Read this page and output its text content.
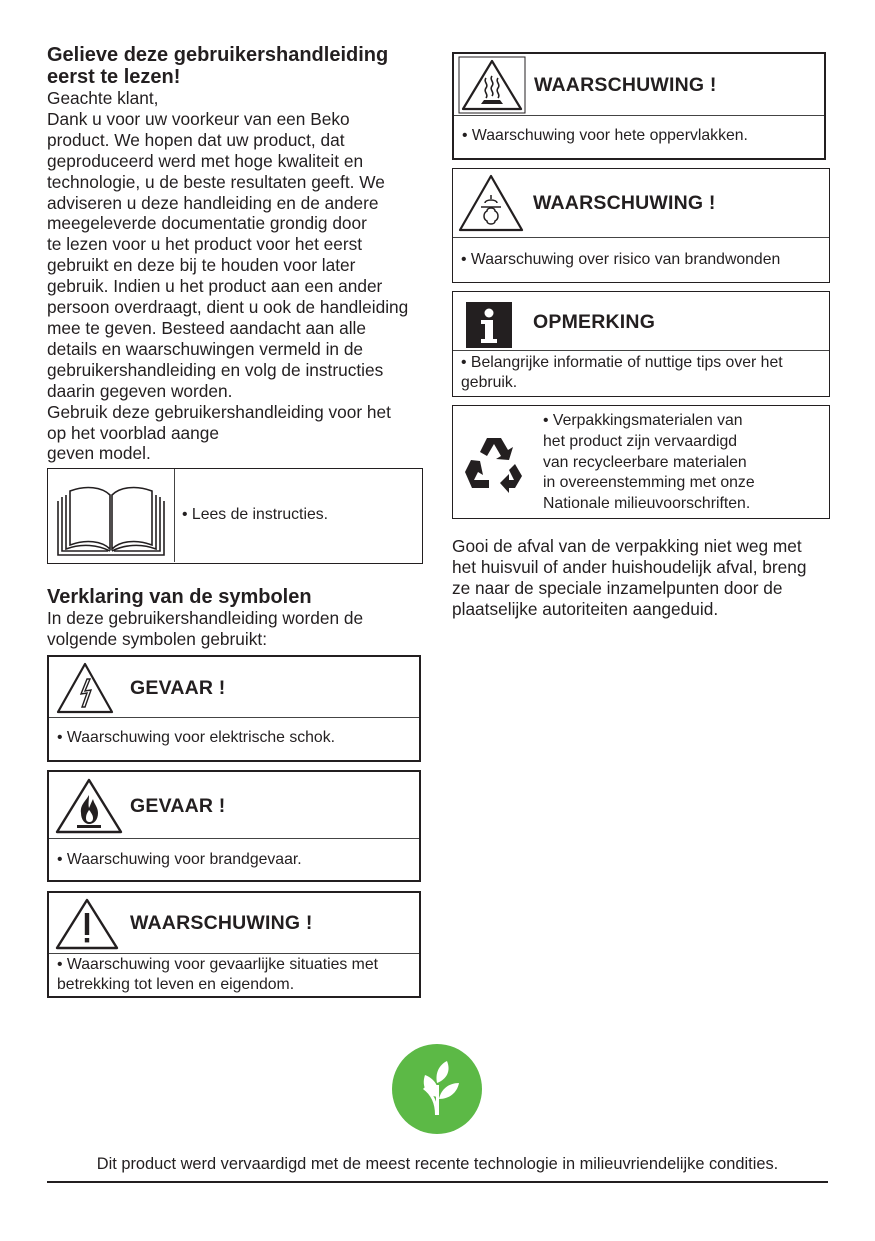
Gelieve deze gebruikershandleiding
eerst te lezen!
Geachte klant,
Dank u voor uw voorkeur van een Beko
product. We hopen dat uw product, dat
geproduceerd werd met hoge kwaliteit en
technologie, u de beste resultaten geeft. We
adviseren u deze handleiding en de andere
meegeleverde documentatie grondig door
te lezen voor u het product voor het eerst
gebruikt en deze bij te houden voor later
gebruik. Indien u het product aan een ander
persoon overdraagt, dient u ook de handleiding
mee te geven. Besteed aandacht aan alle
details en waarschuwingen vermeld in de
gebruikershandleiding en volg de instructies
daarin gegeven worden.
Gebruik deze gebruikershandleiding voor het
op het voorblad aange
geven model.
• Lees de instructies.
Verklaring van de symbolen
In deze gebruikershandleiding worden de
volgende symbolen gebruikt:
GEVAAR !
• Waarschuwing voor elektrische schok.
GEVAAR !
• Waarschuwing voor brandgevaar.
WAARSCHUWING !
• Waarschuwing voor gevaarlijke situaties met
betrekking tot leven en eigendom.
WAARSCHUWING !
• Waarschuwing voor hete oppervlakken.
WAARSCHUWING !
• Waarschuwing over risico van brandwonden
OPMERKING
• Belangrijke informatie of nuttige tips over het
gebruik.
• Verpakkingsmaterialen van
het product zijn vervaardigd
van recycleerbare materialen
in overeenstemming met onze
Nationale milieuvoorschriften.
Gooi de afval van de verpakking niet weg met
het huisvuil of ander huishoudelijk afval, breng
ze naar de speciale inzamelpunten door de
plaatselijke autoriteiten aangeduid.
Dit product werd vervaardigd met de meest recente technologie in milieuvriendelijke condities.
